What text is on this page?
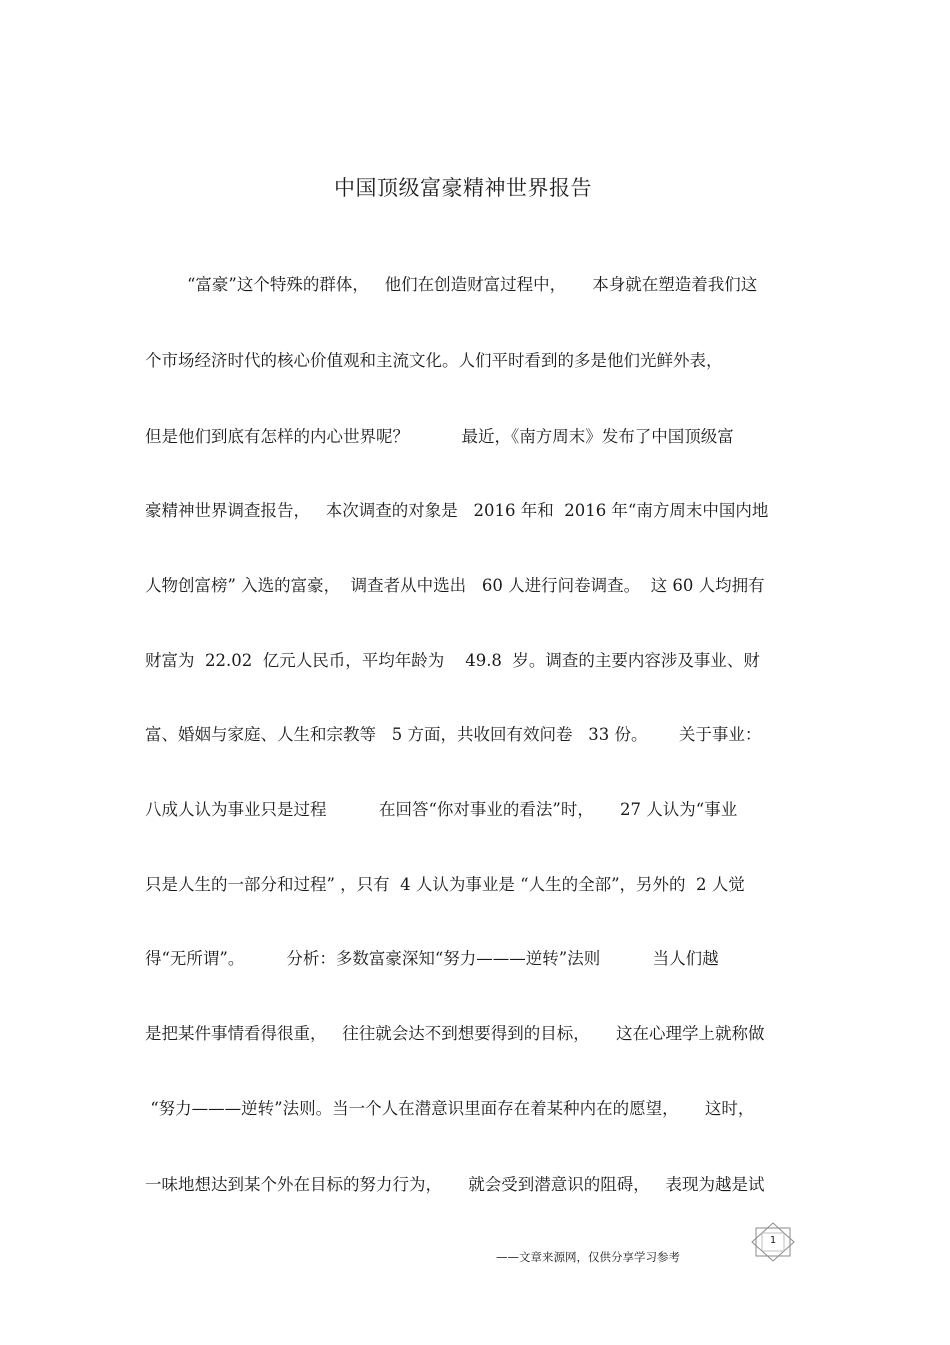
中国顶级富豪精神世界报告
“富豪”这个特殊的群体，   他们在创造财富过程中，     本身就在塑造着我们这
个市场经济时代的核心价值观和主流文化。人们平时看到的多是他们光鲜外表，
但是他们到底有怎样的内心世界呢？          最近，《南方周末》发布了中国顶级富
豪精神世界调查报告，   本次调查的对象是   2016 年和  2016 年“南方周末中国内地
人物创富榜” 入选的富豪，  调查者从中选出   60 人进行问卷调查。  这 60 人均拥有
财富为  22.02  亿元人民币，平均年龄为    49.8  岁。调查的主要内容涉及事业、财
富、婚姻与家庭、人生和宗教等   5 方面，共收回有效问卷   33 份。      关于事业：
八成人认为事业只是过程          在回答“你对事业的看法”时，     27 人认为“事业
只是人生的一部分和过程” ，只有  4 人认为事业是 “人生的全部”，另外的  2 人觉
得“无所谓”。        分析：多数富豪深知“努力———逆转”法则          当人们越
是把某件事情看得很重，   往往就会达不到想要得到的目标，     这在心理学上就称做
“努力———逆转”法则。当一个人在潜意识里面存在着某种内在的愿望，     这时，
一味地想达到某个外在目标的努力行为，     就会受到潜意识的阻碍，   表现为越是试
1
——文章来源网，仅供分享学习参考
